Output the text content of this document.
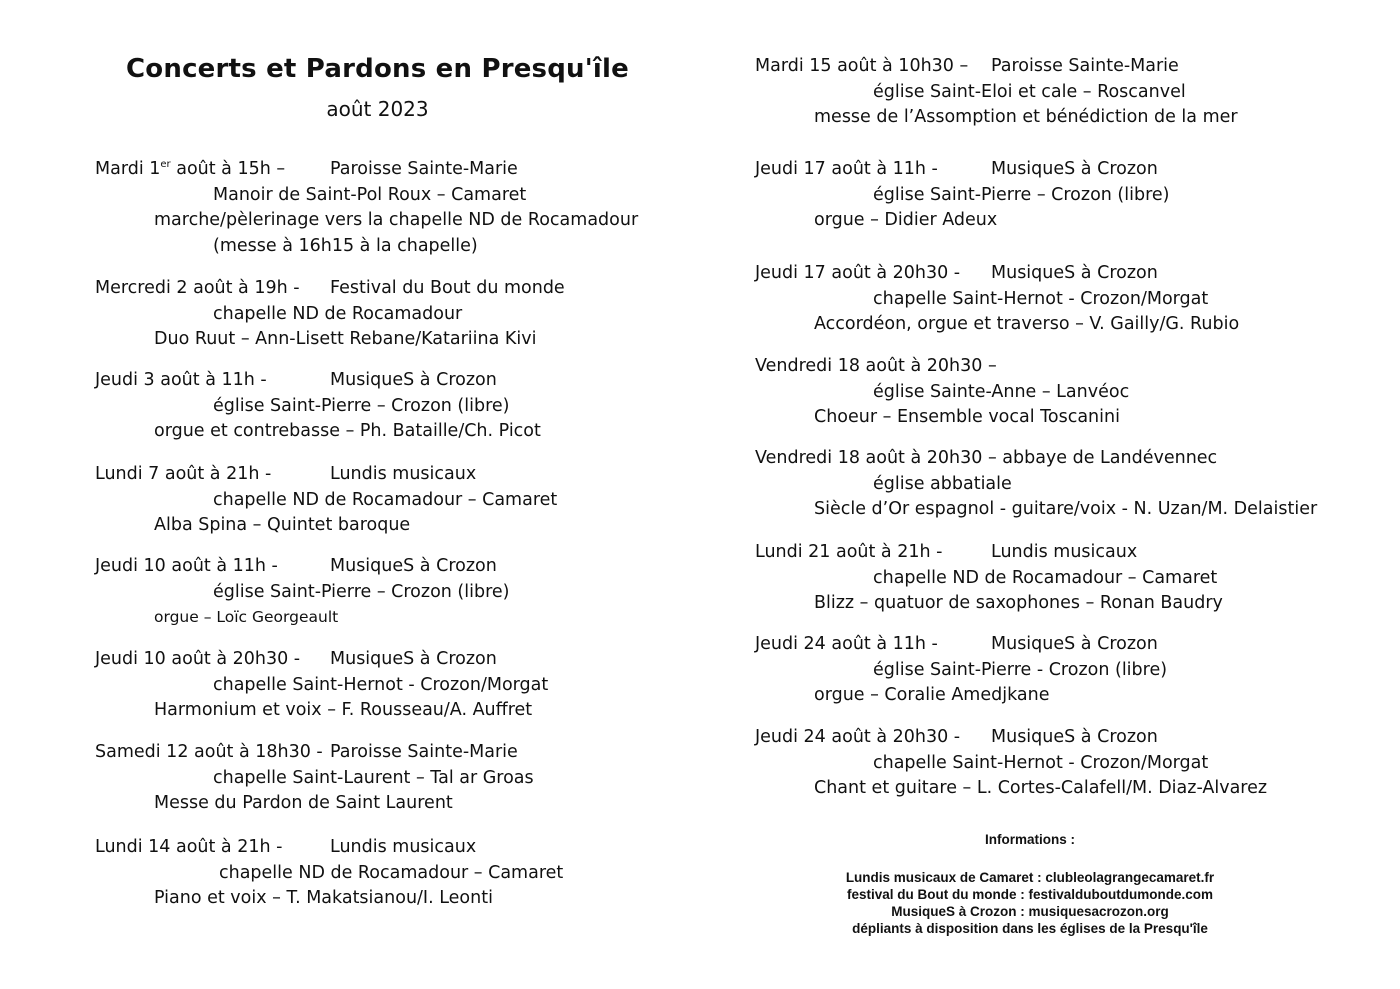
Concerts et Pardons en Presqu'île
août 2023
Mardi 1er août à 15h –	Paroisse Sainte-Marie
Manoir de Saint-Pol Roux – Camaret
marche/pèlerinage vers la chapelle ND de Rocamadour
(messe à 16h15 à la chapelle)
Mercredi 2 août à 19h - Festival du Bout du monde
chapelle ND de Rocamadour
Duo Ruut – Ann-Lisett Rebane/Katariina Kivi
Jeudi 3 août à 11h -	MusiqueS à Crozon
église Saint-Pierre – Crozon (libre)
orgue et contrebasse – Ph. Bataille/Ch. Picot
Lundi 7 août à 21h -	Lundis musicaux
chapelle ND de Rocamadour – Camaret
Alba Spina – Quintet baroque
Jeudi 10 août à 11h -	MusiqueS à Crozon
église Saint-Pierre – Crozon (libre)
orgue – Loïc Georgeault
Jeudi 10 août à 20h30 - MusiqueS à Crozon
chapelle Saint-Hernot - Crozon/Morgat
Harmonium et voix – F. Rousseau/A. Auffret
Samedi 12 août à 18h30 - Paroisse Sainte-Marie
chapelle Saint-Laurent – Tal ar Groas
Messe du Pardon de Saint Laurent
Lundi 14 août à 21h -	Lundis musicaux
chapelle ND de Rocamadour – Camaret
Piano et voix – T. Makatsianou/I. Leonti
Mardi 15 août à 10h30 – Paroisse Sainte-Marie
église Saint-Eloi et cale – Roscanvel
messe de l’Assomption et bénédiction de la mer
Jeudi 17 août à 11h -	MusiqueS à Crozon
église Saint-Pierre – Crozon (libre)
orgue – Didier Adeux
Jeudi 17 août à 20h30 - MusiqueS à Crozon
chapelle Saint-Hernot - Crozon/Morgat
Accordéon, orgue et traverso – V. Gailly/G. Rubio
Vendredi 18 août à 20h30 –
église Sainte-Anne – Lanvéoc
Choeur – Ensemble vocal Toscanini
Vendredi 18 août à 20h30 – abbaye de Landévennec
église abbatiale
Siècle d’Or espagnol - guitare/voix - N. Uzan/M. Delaistier
Lundi 21 août à 21h -	Lundis musicaux
chapelle ND de Rocamadour – Camaret
Blizz – quatuor de saxophones – Ronan Baudry
Jeudi 24 août à 11h -	MusiqueS à Crozon
église Saint-Pierre - Crozon (libre)
orgue – Coralie Amedjkane
Jeudi 24 août à 20h30 - MusiqueS à Crozon
chapelle Saint-Hernot - Crozon/Morgat
Chant et guitare – L. Cortes-Calafell/M. Diaz-Alvarez
Informations :
Lundis musicaux de Camaret : clubleolagrangecamaret.fr
festival du Bout du monde : festivalduboutdumonde.com
MusiqueS à Crozon : musiquesacrozon.org
dépliants à disposition dans les églises de la Presqu'île
